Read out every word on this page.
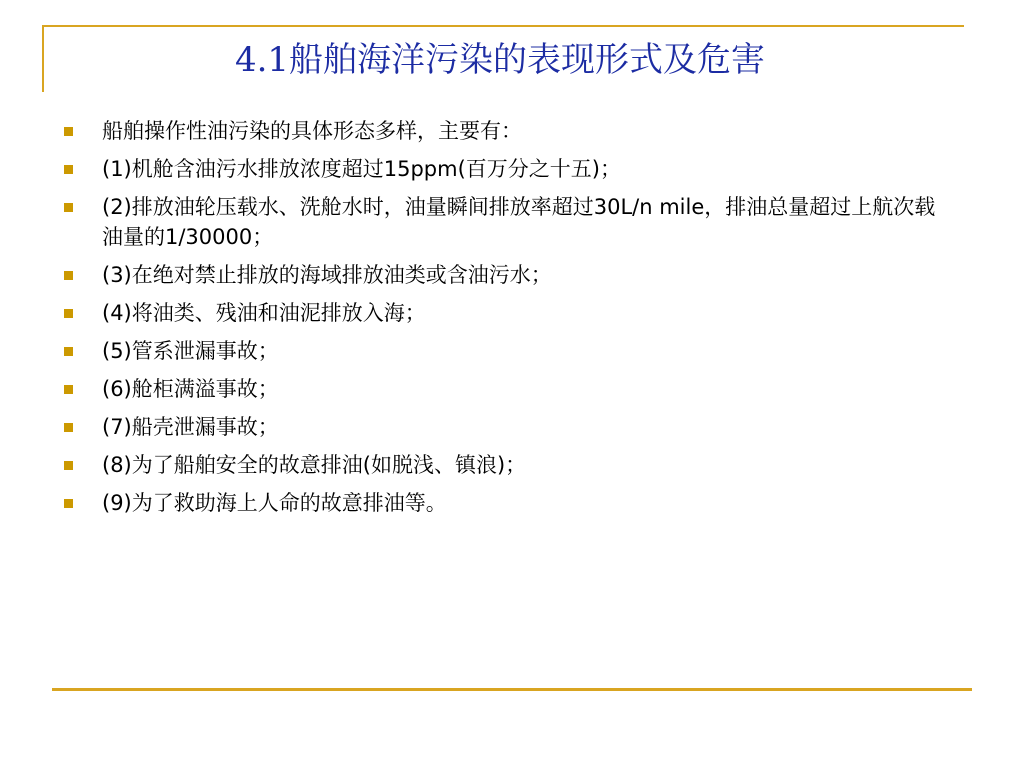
4.1船舶海洋污染的表现形式及危害
船舶操作性油污染的具体形态多样，主要有：
(1)机舱含油污水排放浓度超过15ppm(百万分之十五)；
(2)排放油轮压载水、洗舱水时，油量瞬间排放率超过30L/n mile，排油总量超过上航次载油量的1/30000；
(3)在绝对禁止排放的海域排放油类或含油污水；
(4)将油类、残油和油泥排放入海；
(5)管系泄漏事故；
(6)舱柜满溢事故；
(7)船壳泄漏事故；
(8)为了船舶安全的故意排油(如脱浅、镇浪)；
(9)为了救助海上人命的故意排油等。
